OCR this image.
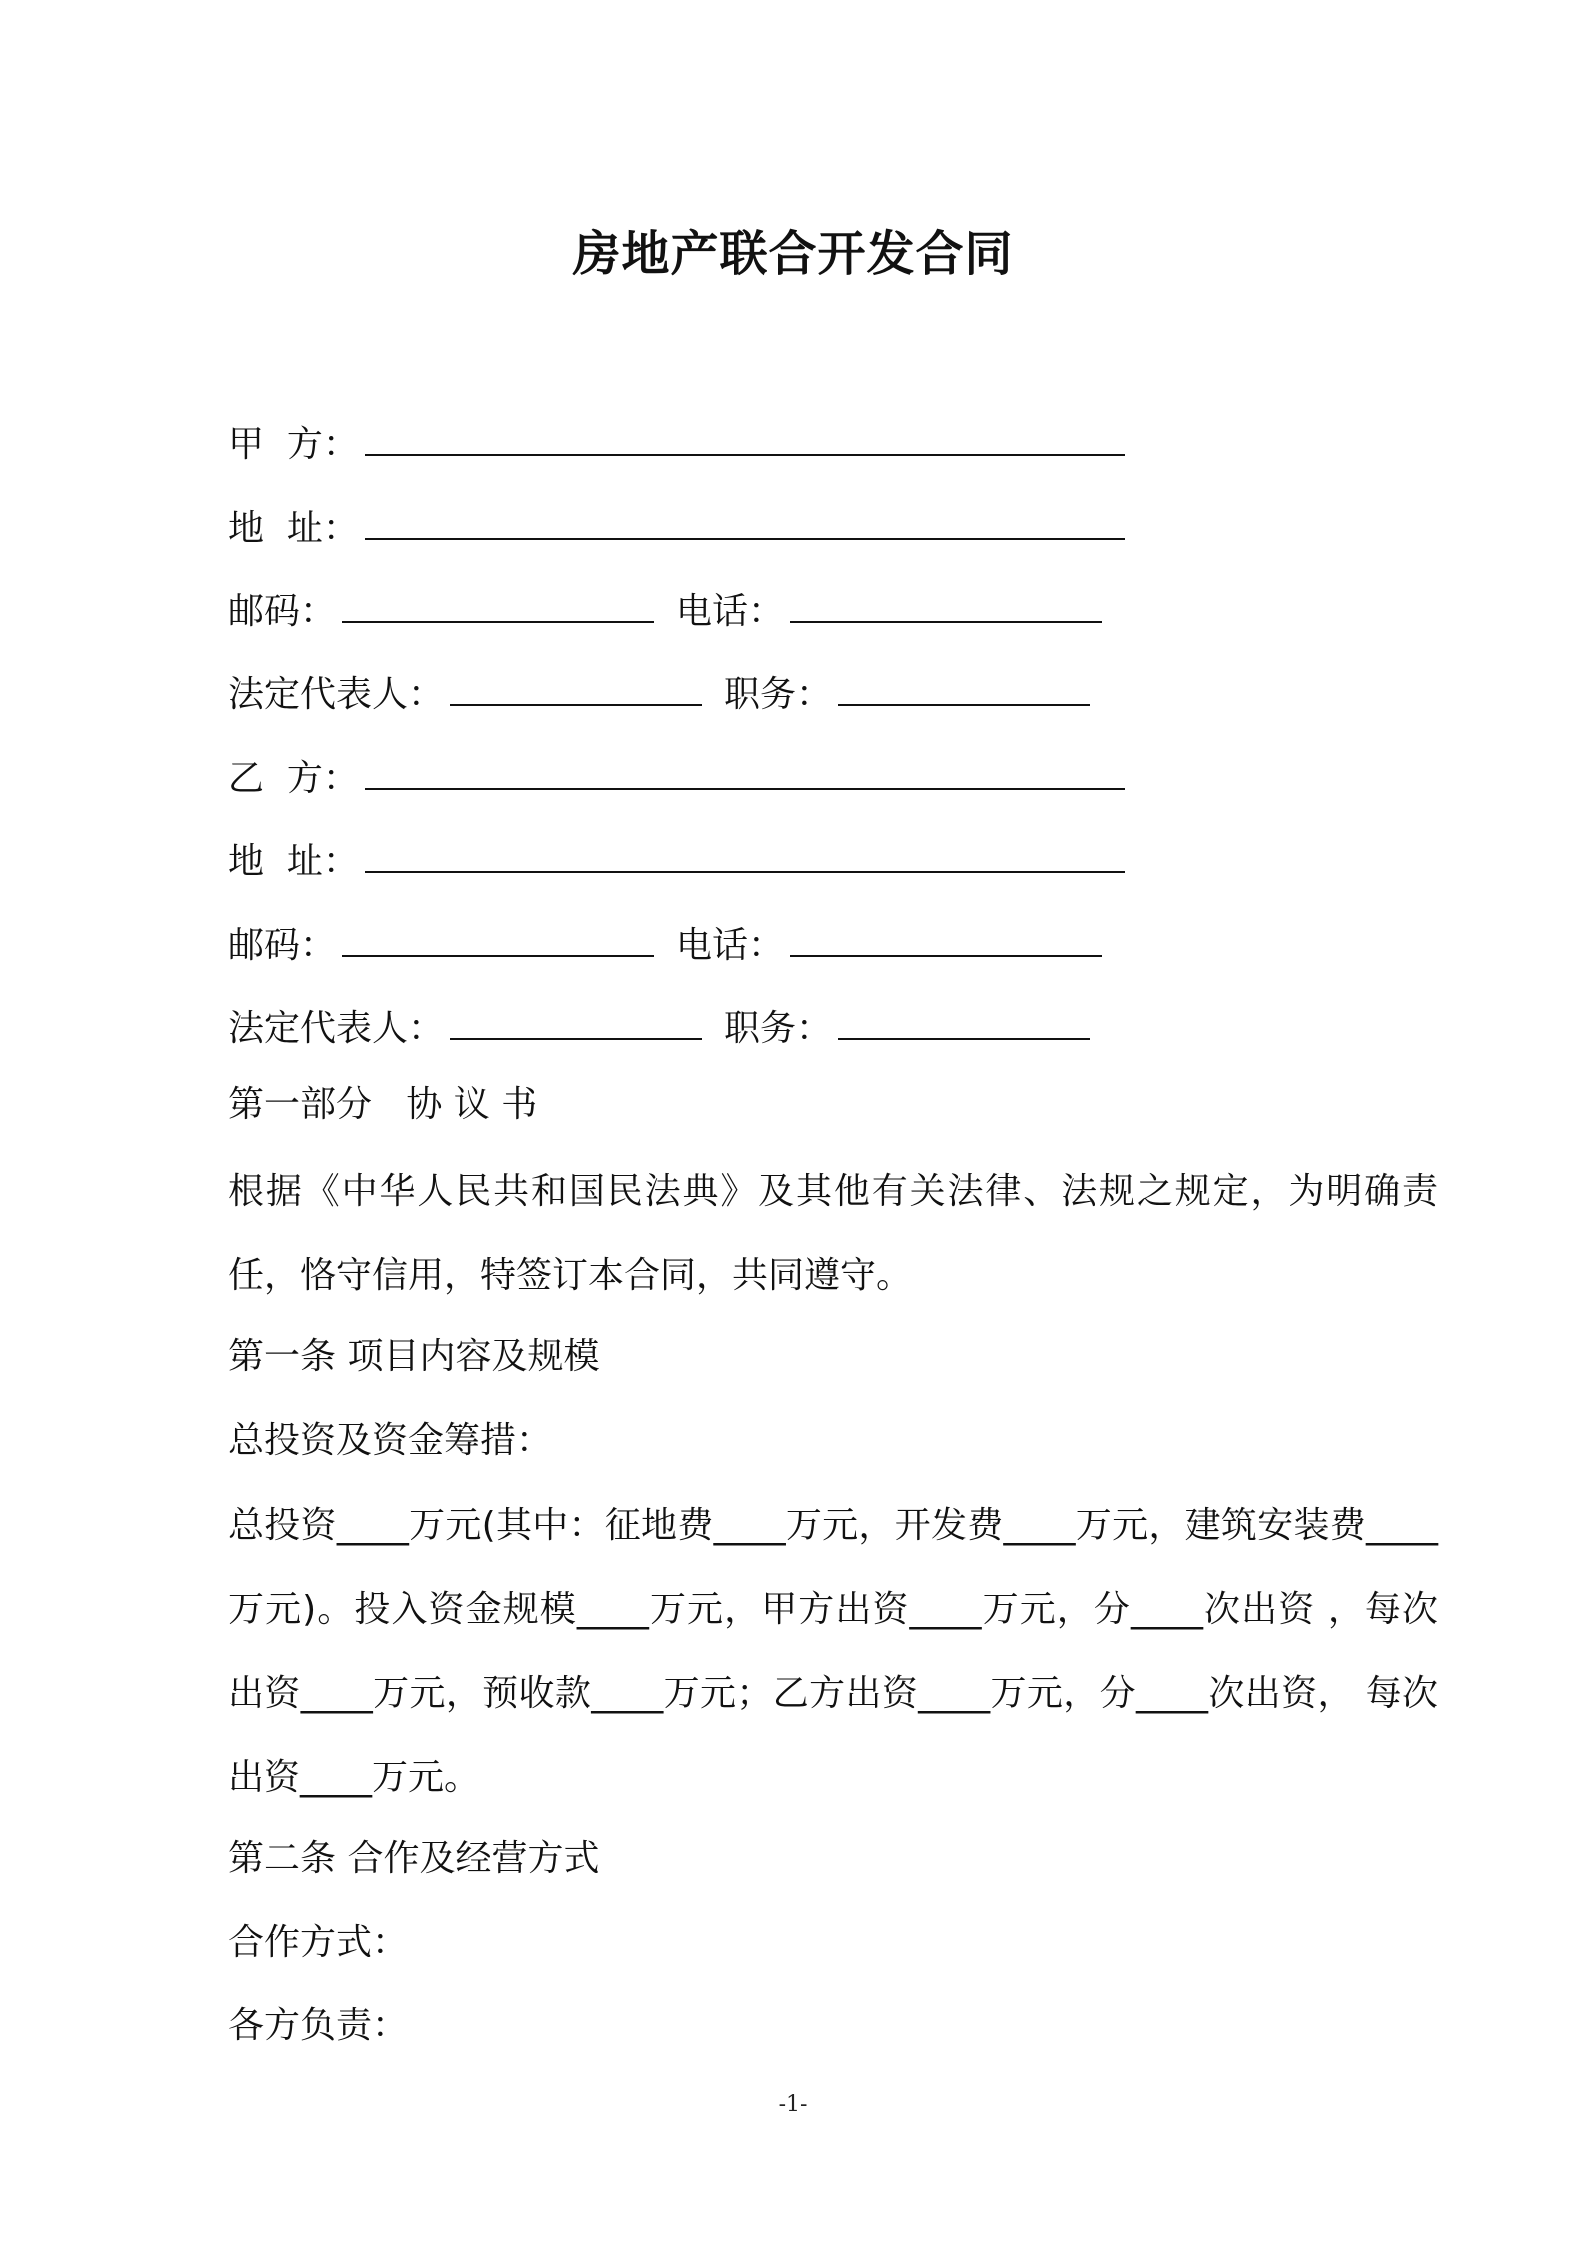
房地产联合开发合同

甲  方：

地  址：

邮码：	电话：

法定代表人：	职务：

乙  方：

地  址：

邮码：	电话：

法定代表人：	职务：

第一部分   协 议 书

根据《中华人民共和国民法典》及其他有关法律、法规之规定，为明确责任，恪守信用，特签订本合同，共同遵守。

第一条 项目内容及规模

总投资及资金筹措：

总投资____万元(其中：征地费____万元，开发费____万元，建筑安装费____万元)。投入资金规模____万元，甲方出资____万元，分____次出资 ，每次出资____万元，预收款____万元；乙方出资____万元，分____次出资， 每次出资____万元。

第二条 合作及经营方式

合作方式：

各方负责：

-1-
